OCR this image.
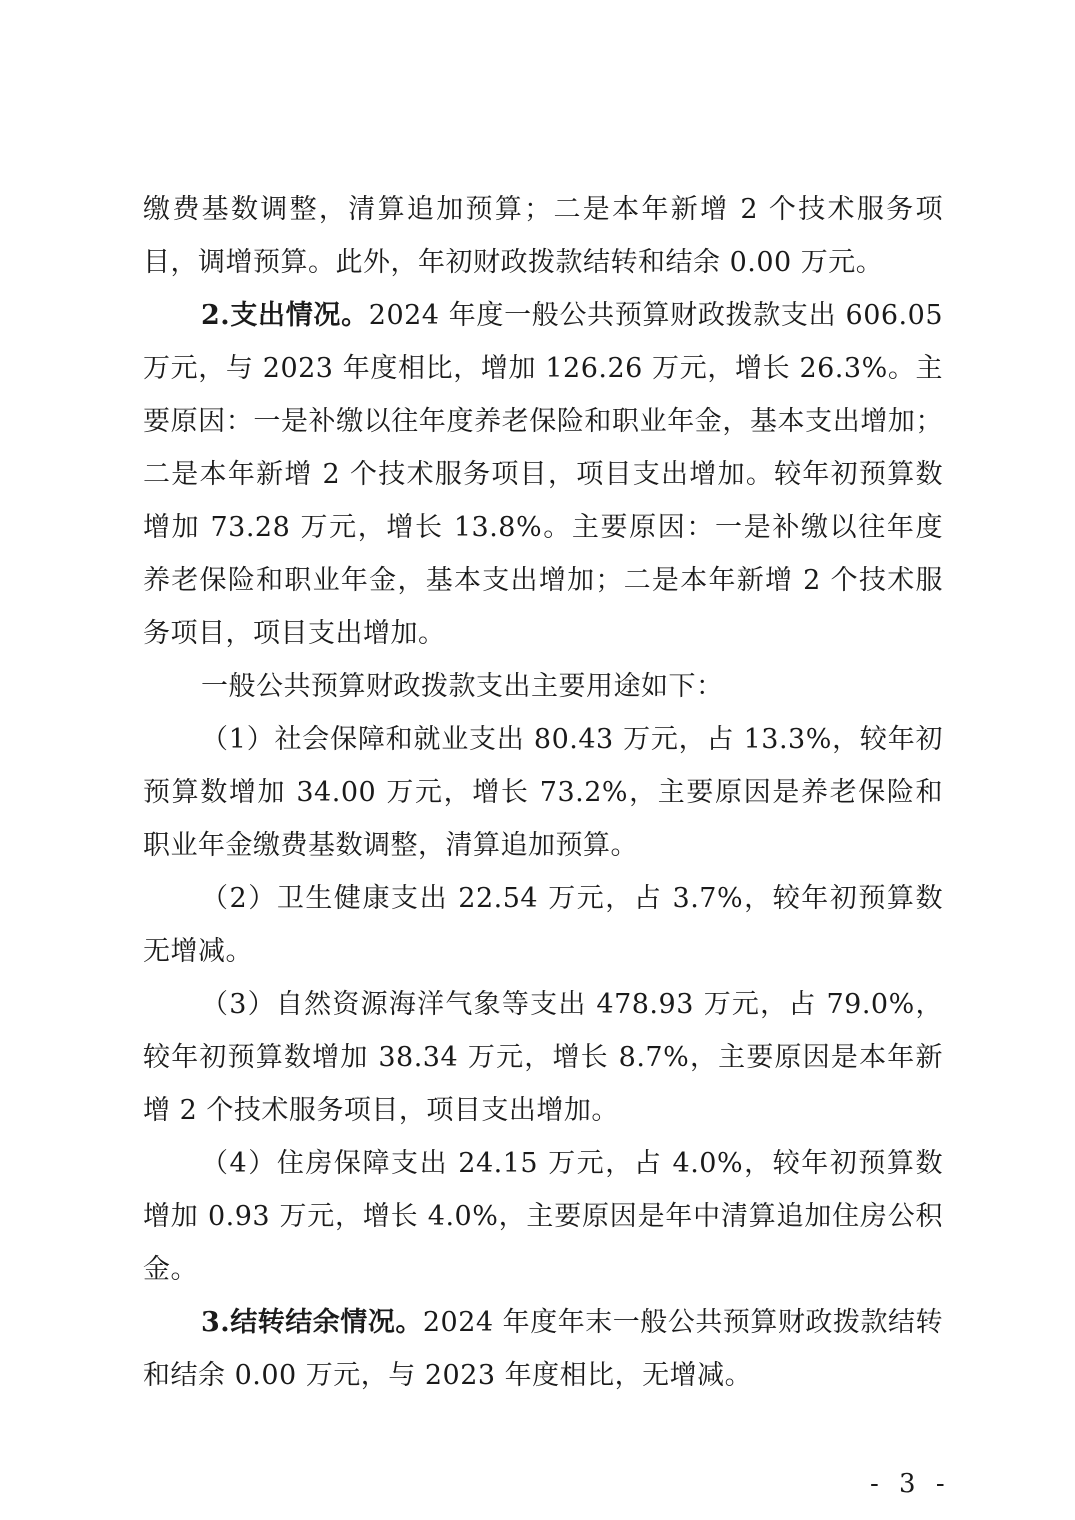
缴费基数调整，清算追加预算；二是本年新增 2 个技术服务项目，调增预算。此外，年初财政拨款结转和结余 0.00 万元。

2.支出情况。2024 年度一般公共预算财政拨款支出 606.05 万元，与 2023 年度相比，增加 126.26 万元，增长 26.3%。主要原因：一是补缴以往年度养老保险和职业年金，基本支出增加；二是本年新增 2 个技术服务项目，项目支出增加。较年初预算数增加 73.28 万元，增长 13.8%。主要原因：一是补缴以往年度养老保险和职业年金，基本支出增加；二是本年新增 2 个技术服务项目，项目支出增加。

一般公共预算财政拨款支出主要用途如下：

（1）社会保障和就业支出 80.43 万元，占 13.3%，较年初预算数增加 34.00 万元，增长 73.2%，主要原因是养老保险和职业年金缴费基数调整，清算追加预算。

（2）卫生健康支出 22.54 万元，占 3.7%，较年初预算数无增减。

（3）自然资源海洋气象等支出 478.93 万元，占 79.0%，较年初预算数增加 38.34 万元，增长 8.7%，主要原因是本年新增 2 个技术服务项目，项目支出增加。

（4）住房保障支出 24.15 万元，占 4.0%，较年初预算数增加 0.93 万元，增长 4.0%，主要原因是年中清算追加住房公积金。

3.结转结余情况。2024 年度年末一般公共预算财政拨款结转和结余 0.00 万元，与 2023 年度相比，无增减。

- 3 -
